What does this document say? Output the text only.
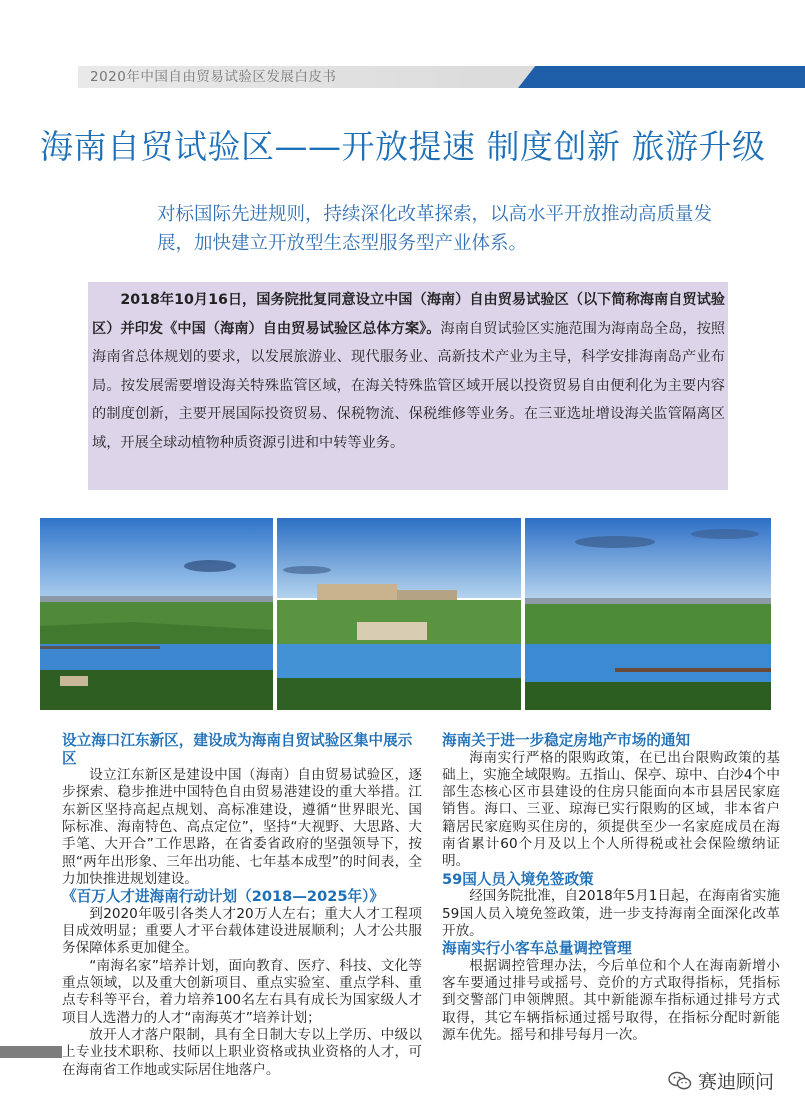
2020年中国自由贸易试验区发展白皮书
海南自贸试验区——开放提速 制度创新 旅游升级
对标国际先进规则，持续深化改革探索，以高水平开放推动高质量发展，加快建立开放型生态型服务型产业体系。
2018年10月16日，国务院批复同意设立中国（海南）自由贸易试验区（以下简称海南自贸试验区）并印发《中国（海南）自由贸易试验区总体方案》。海南自贸试验区实施范围为海南岛全岛，按照海南省总体规划的要求，以发展旅游业、现代服务业、高新技术产业为主导，科学安排海南岛产业布局。按发展需要增设海关特殊监管区域，在海关特殊监管区域开展以投资贸易自由便利化为主要内容的制度创新，主要开展国际投资贸易、保税物流、保税维修等业务。在三亚选址增设海关监管隔离区域，开展全球动植物种质资源引进和中转等业务。
设立海口江东新区，建设成为海南自贸试验区集中展示区
设立江东新区是建设中国（海南）自由贸易试验区，逐步探索、稳步推进中国特色自由贸易港建设的重大举措。江东新区坚持高起点规划、高标准建设，遵循“世界眼光、国际标准、海南特色、高点定位”，坚持“大视野、大思路、大手笔、大开合”工作思路，在省委省政府的坚强领导下，按照“两年出形象、三年出功能、七年基本成型”的时间表，全力加快推进规划建设。
《百万人才进海南行动计划（2018—2025年）》
到2020年吸引各类人才20万人左右；重大人才工程项目成效明显；重要人才平台载体建设进展顺利；人才公共服务保障体系更加健全。
“南海名家”培养计划，面向教育、医疗、科技、文化等重点领域，以及重大创新项目、重点实验室、重点学科、重点专科等平台，着力培养100名左右具有成长为国家级人才项目人选潜力的人才“南海英才”培养计划；
放开人才落户限制，具有全日制大专以上学历、中级以上专业技术职称、技师以上职业资格或执业资格的人才，可在海南省工作地或实际居住地落户。
海南关于进一步稳定房地产市场的通知
海南实行严格的限购政策，在已出台限购政策的基础上，实施全域限购。五指山、保亭、琼中、白沙4个中部生态核心区市县建设的住房只能面向本市县居民家庭销售。海口、三亚、琼海已实行限购的区域，非本省户籍居民家庭购买住房的，须提供至少一名家庭成员在海南省累计60个月及以上个人所得税或社会保险缴纳证明。
59国人员入境免签政策
经国务院批准，自2018年5月1日起，在海南省实施59国人员入境免签政策，进一步支持海南全面深化改革开放。
海南实行小客车总量调控管理
根据调控管理办法，今后单位和个人在海南新增小客车要通过排号或摇号、竞价的方式取得指标，凭指标到交警部门申领牌照。其中新能源车指标通过排号方式取得，其它车辆指标通过摇号取得，在指标分配时新能源车优先。摇号和排号每月一次。
赛迪顾问
